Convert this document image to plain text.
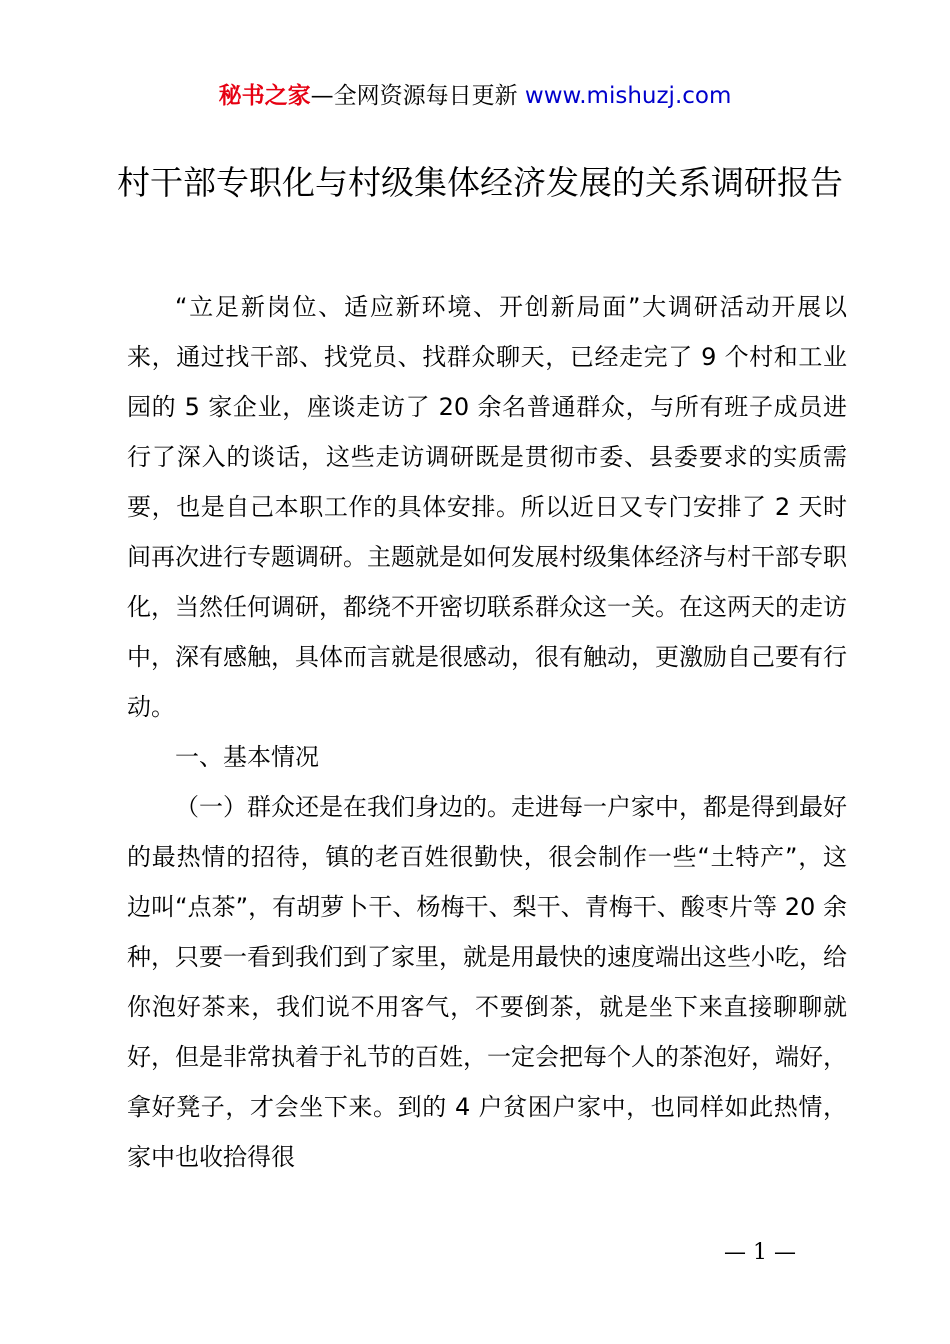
秘书之家—全网资源每日更新 www.mishuzj.com
村干部专职化与村级集体经济发展的关系调研报告

“立足新岗位、适应新环境、开创新局面”大调研活动开展以来，通过找干部、找党员、找群众聊天，已经走完了 9 个村和工业园的 5 家企业，座谈走访了 20 余名普通群众，与所有班子成员进行了深入的谈话，这些走访调研既是贯彻市委、县委要求的实质需要，也是自己本职工作的具体安排。所以近日又专门安排了 2 天时间再次进行专题调研。主题就是如何发展村级集体经济与村干部专职化，当然任何调研，都绕不开密切联系群众这一关。在这两天的走访中，深有感触，具体而言就是很感动，很有触动，更激励自己要有行动。

一、基本情况

（一）群众还是在我们身边的。走进每一户家中，都是得到最好的最热情的招待，镇的老百姓很勤快，很会制作一些“土特产”，这边叫“点茶”，有胡萝卜干、杨梅干、梨干、青梅干、酸枣片等 20 余种，只要一看到我们到了家里，就是用最快的速度端出这些小吃，给你泡好茶来，我们说不用客气，不要倒茶，就是坐下来直接聊聊就好，但是非常执着于礼节的百姓，一定会把每个人的茶泡好，端好，拿好凳子，才会坐下来。到的 4 户贫困户家中，也同样如此热情，家中也收拾得很

— 1 —
